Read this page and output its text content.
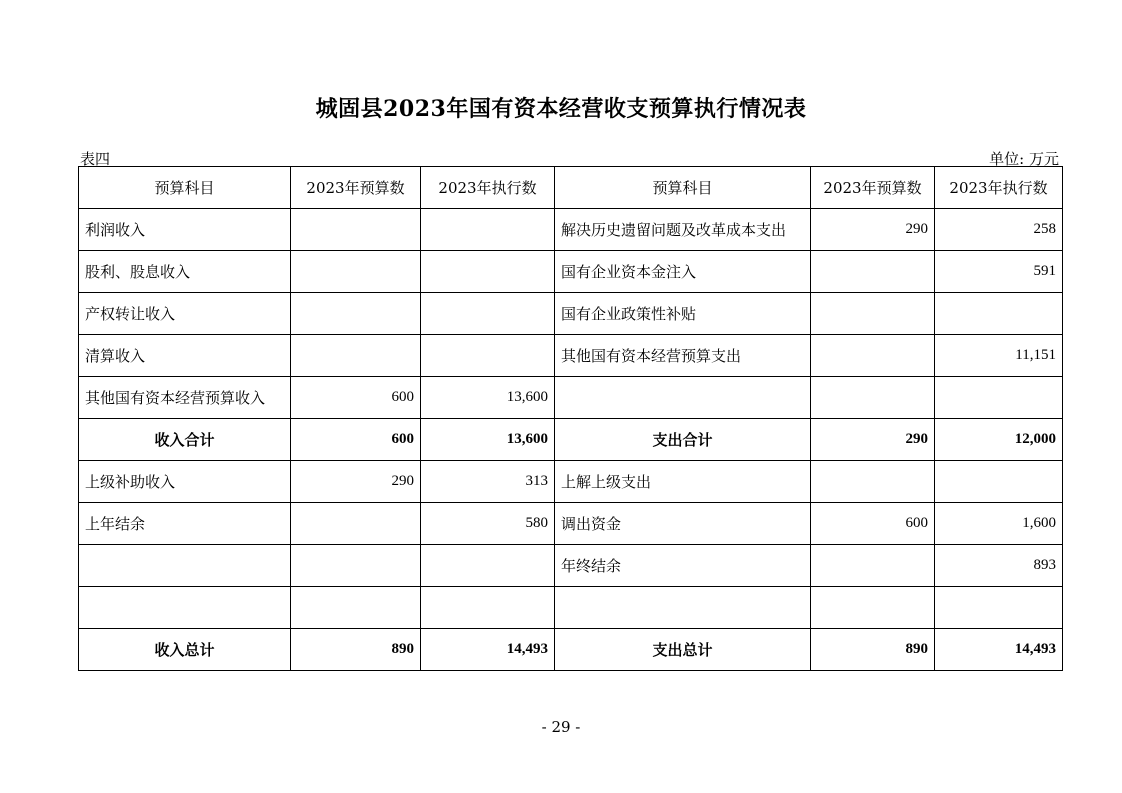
城固县2023年国有资本经营收支预算执行情况表
表四	单位: 万元
预算科目	2023年预算数	2023年执行数	预算科目	2023年预算数	2023年执行数
利润收入			解决历史遗留问题及改革成本支出	290	258
股利、股息收入			国有企业资本金注入		591
产权转让收入			国有企业政策性补贴		
清算收入			其他国有资本经营预算支出		11,151
其他国有资本经营预算收入	600	13,600			
收入合计	600	13,600	支出合计	290	12,000
上级补助收入	290	313	上解上级支出		
上年结余		580	调出资金	600	1,600
			年终结余		893

收入总计	890	14,493	支出总计	890	14,493
- 29 -
